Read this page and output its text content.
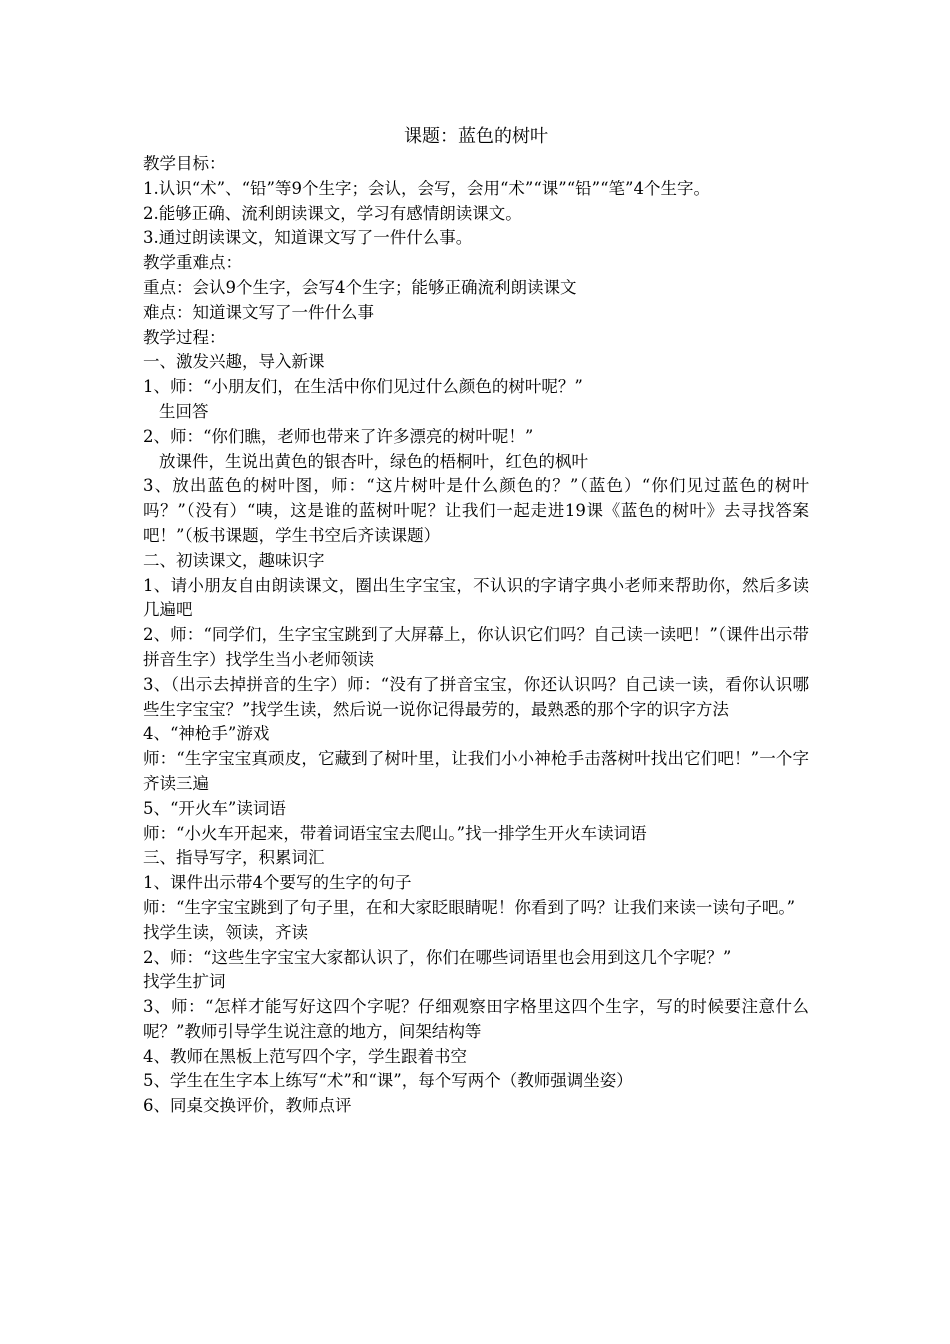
课题：蓝色的树叶

教学目标：

1.认识“术”、“铅”等9个生字；会认，会写，会用“术”“课”“铅”“笔”4个生字。

2.能够正确、流利朗读课文，学习有感情朗读课文。

3.通过朗读课文，知道课文写了一件什么事。

教学重难点：

重点：会认9个生字，会写4个生字；能够正确流利朗读课文

难点：知道课文写了一件什么事

教学过程：

一、激发兴趣，导入新课

1、师：“小朋友们，在生活中你们见过什么颜色的树叶呢？”

生回答

2、师：“你们瞧，老师也带来了许多漂亮的树叶呢！”

放课件，生说出黄色的银杏叶，绿色的梧桐叶，红色的枫叶

3、放出蓝色的树叶图，师：“这片树叶是什么颜色的？”（蓝色）“你们见过蓝色的树叶吗？”（没有）“咦，这是谁的蓝树叶呢？让我们一起走进19课《蓝色的树叶》去寻找答案吧！”（板书课题，学生书空后齐读课题）

二、初读课文，趣味识字

1、请小朋友自由朗读课文，圈出生字宝宝，不认识的字请字典小老师来帮助你，然后多读几遍吧

2、师：“同学们，生字宝宝跳到了大屏幕上，你认识它们吗？自己读一读吧！”（课件出示带拼音生字）找学生当小老师领读

3、（出示去掉拼音的生字）师：“没有了拼音宝宝，你还认识吗？自己读一读，看你认识哪些生字宝宝？”找学生读，然后说一说你记得最劳的，最熟悉的那个字的识字方法

4、“神枪手”游戏

师：“生字宝宝真顽皮，它藏到了树叶里，让我们小小神枪手击落树叶找出它们吧！”一个字齐读三遍

5、“开火车”读词语

师：“小火车开起来，带着词语宝宝去爬山。”找一排学生开火车读词语

三、指导写字，积累词汇

1、课件出示带4个要写的生字的句子

师：“生字宝宝跳到了句子里，在和大家眨眼睛呢！你看到了吗？让我们来读一读句子吧。”

找学生读，领读，齐读

2、师：“这些生字宝宝大家都认识了，你们在哪些词语里也会用到这几个字呢？”

找学生扩词

3、师：“怎样才能写好这四个字呢？仔细观察田字格里这四个生字，写的时候要注意什么呢？”教师引导学生说注意的地方，间架结构等

4、教师在黑板上范写四个字，学生跟着书空

5、学生在生字本上练写“术”和“课”，每个写两个（教师强调坐姿）

6、同桌交换评价，教师点评
